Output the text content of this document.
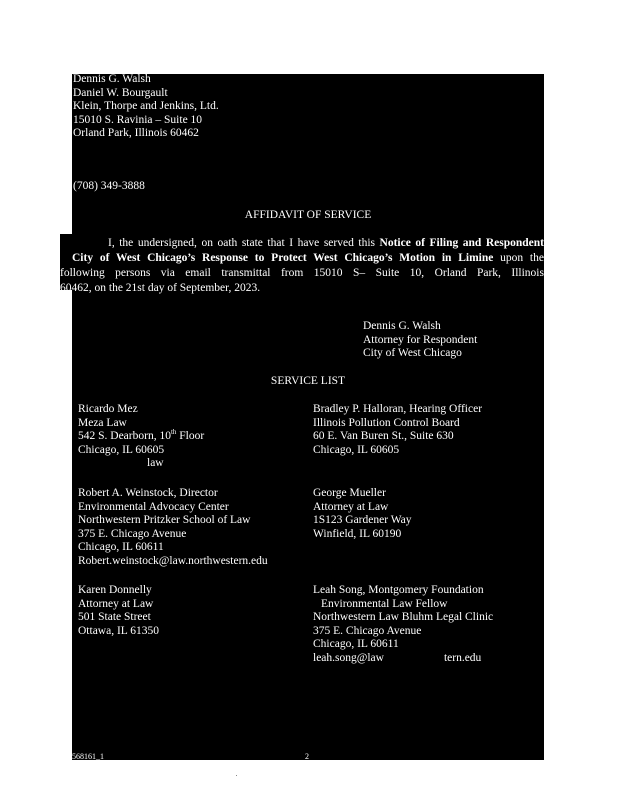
Dennis G. Walsh
Daniel W. Bourgault
Klein, Thorpe and Jenkins, Ltd.
15010 S. Ravinia – Suite 10
Orland Park, Illinois 60462
(708) 349-3888
AFFIDAVIT OF SERVICE
I, the undersigned, on oath state that I have served this Notice of Filing and Respondent
City of West Chicago’s Response to Protect West Chicago’s Motion in Limine upon the
following persons via email transmittal from 15010 S– Suite 10, Orland Park, Illinois
60462, on the 21st day of September, 2023.
Dennis G. Walsh
Attorney for Respondent
City of West Chicago
SERVICE LIST
Ricardo Mez
Meza Law
542 S. Dearborn, 10th Floor
Chicago, IL 60605
law
Robert A. Weinstock, Director
Environmental Advocacy Center
Northwestern Pritzker School of Law
375 E. Chicago Avenue
Chicago, IL 60611
Robert.weinstock@law.northwestern.edu
Karen Donnelly
Attorney at Law
501 State Street
Ottawa, IL 61350
Bradley P. Halloran, Hearing Officer
Illinois Pollution Control Board
60 E. Van Buren St., Suite 630
Chicago, IL 60605
George Mueller
Attorney at Law
1S123 Gardener Way
Winfield, IL 60190
Leah Song, Montgomery Foundation
Environmental Law Fellow
Northwestern Law Bluhm Legal Clinic
375 E. Chicago Avenue
Chicago, IL 60611
leah.song@law	tern.edu
568161_1	2
